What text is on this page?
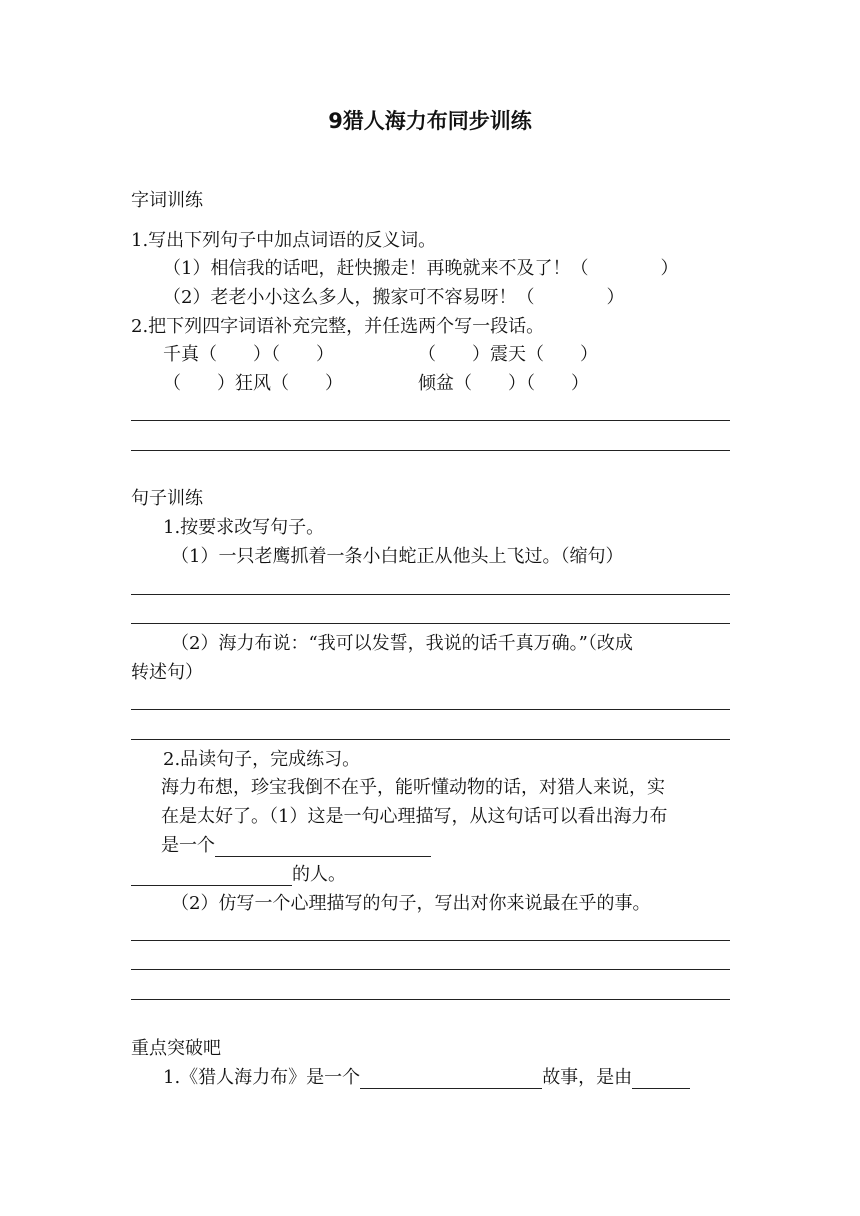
9猎人海力布同步训练
字词训练
1.写出下列句子中加点词语的反义词。
（1）相信我的话吧，赶快搬走！再晚就来不及了！（　　　　）
（2）老老小小这么多人，搬家可不容易呀！（　　　　）
2.把下列四字词语补充完整，并任选两个写一段话。
千真（　　）（　　）	（　　）震天（　　）
（　　）狂风（　　）	倾盆（　　）（　　）
句子训练
1.按要求改写句子。
（1）一只老鹰抓着一条小白蛇正从他头上飞过。（缩句）
（2）海力布说：“我可以发誓，我说的话千真万确。”（改成
转述句）
2.品读句子，完成练习。
海力布想，珍宝我倒不在乎，能听懂动物的话，对猎人来说，实
在是太好了。（1）这是一句心理描写，从这句话可以看出海力布
是一个
的人。
（2）仿写一个心理描写的句子，写出对你来说最在乎的事。
重点突破吧
1.《猎人海力布》是一个	故事，是由
